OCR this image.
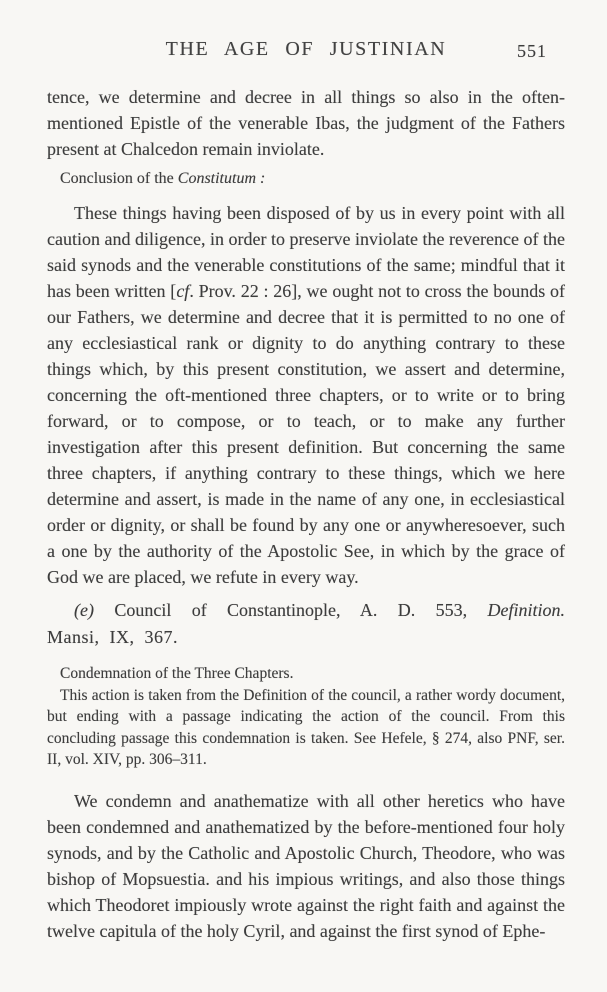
THE AGE OF JUSTINIAN	551

tence, we determine and decree in all things so also in the often-mentioned Epistle of the venerable Ibas, the judgment of the Fathers present at Chalcedon remain inviolate.

Conclusion of the Constitutum :

These things having been disposed of by us in every point with all caution and diligence, in order to preserve inviolate the reverence of the said synods and the venerable constitutions of the same; mindful that it has been written [cf. Prov. 22 : 26], we ought not to cross the bounds of our Fathers, we determine and decree that it is permitted to no one of any ecclesiastical rank or dignity to do anything contrary to these things which, by this present constitution, we assert and determine, concerning the oft-mentioned three chapters, or to write or to bring forward, or to compose, or to teach, or to make any further investigation after this present definition. But concerning the same three chapters, if anything contrary to these things, which we here determine and assert, is made in the name of any one, in ecclesiastical order or dignity, or shall be found by any one or anywheresoever, such a one by the authority of the Apostolic See, in which by the grace of God we are placed, we refute in every way.

(e) Council of Constantinople, A. D. 553, Definition.
Mansi, IX, 367.
Condemnation of the Three Chapters.
This action is taken from the Definition of the council, a rather wordy document, but ending with a passage indicating the action of the council. From this concluding passage this condemnation is taken. See Hefele, § 274, also PNF, ser. II, vol. XIV, pp. 306–311.

We condemn and anathematize with all other heretics who have been condemned and anathematized by the before-mentioned four holy synods, and by the Catholic and Apostolic Church, Theodore, who was bishop of Mopsuestia. and his impious writings, and also those things which Theodoret impiously wrote against the right faith and against the twelve capitula of the holy Cyril, and against the first synod of Ephe-
